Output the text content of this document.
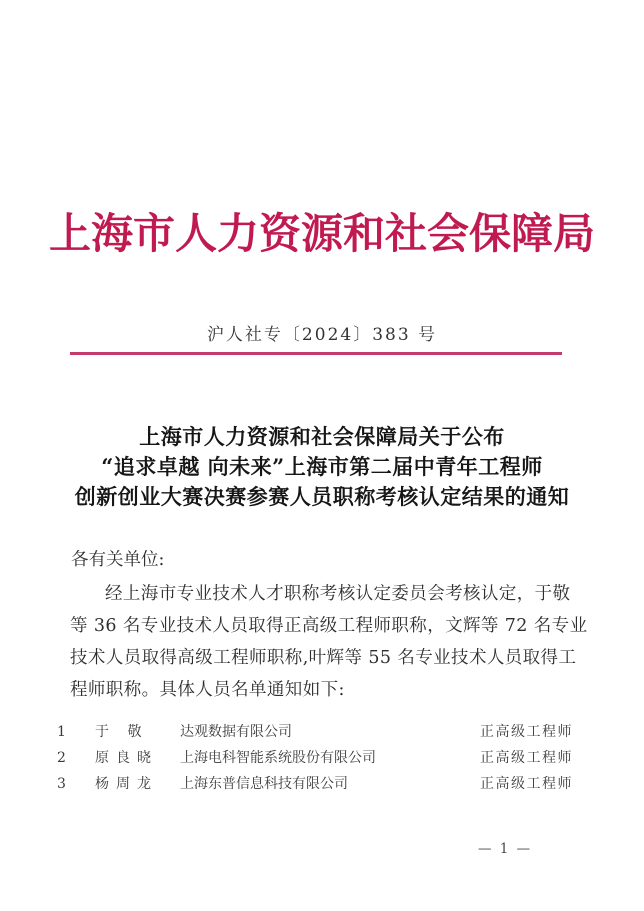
上海市人力资源和社会保障局
沪人社专〔2024〕383 号
上海市人力资源和社会保障局关于公布
“追求卓越 向未来”上海市第二届中青年工程师
创新创业大赛决赛参赛人员职称考核认定结果的通知
各有关单位:
经上海市专业技术人才职称考核认定委员会考核认定，于敬
等 36 名专业技术人员取得正高级工程师职称，文辉等 72 名专业
技术人员取得高级工程师职称,叶辉等 55 名专业技术人员取得工
程师职称。具体人员名单通知如下:
1 于 敬 达观数据有限公司	正高级工程师
2 原良晓 上海电科智能系统股份有限公司	正高级工程师
3 杨周龙 上海东普信息科技有限公司	正高级工程师
— 1 —
